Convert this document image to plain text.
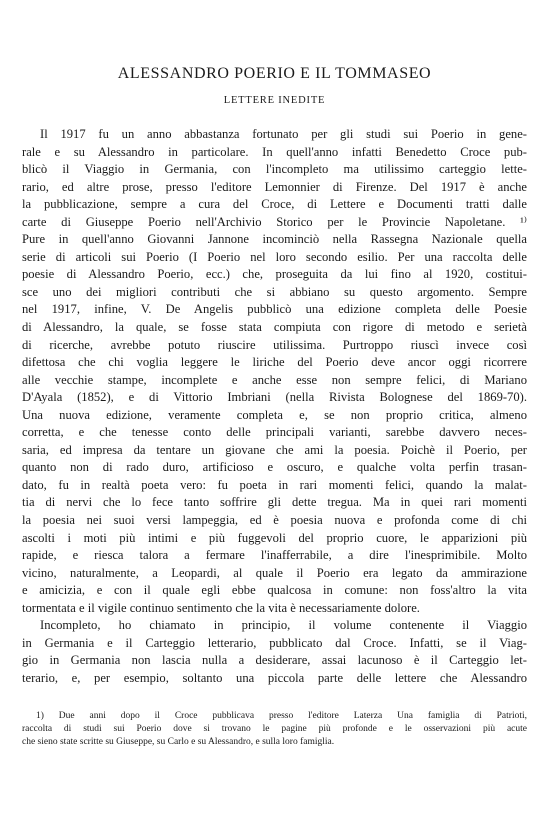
ALESSANDRO POERIO E IL TOMMASEO
LETTERE INEDITE
Il 1917 fu un anno abbastanza fortunato per gli studi sui Poerio in gene-
rale e su Alessandro in particolare. In quell'anno infatti Benedetto Croce pub-
blicò il Viaggio in Germania, con l'incompleto ma utilissimo carteggio lette-
rario, ed altre prose, presso l'editore Lemonnier di Firenze. Del 1917 è anche
la pubblicazione, sempre a cura del Croce, di Lettere e Documenti tratti dalle
carte di Giuseppe Poerio nell'Archivio Storico per le Provincie Napoletane. ¹⁾
Pure in quell'anno Giovanni Jannone incominciò nella Rassegna Nazionale quella
serie di articoli sui Poerio (I Poerio nel loro secondo esilio. Per una raccolta delle
poesie di Alessandro Poerio, ecc.) che, proseguita da lui fino al 1920, costitui-
sce uno dei migliori contributi che si abbiano su questo argomento. Sempre
nel 1917, infine, V. De Angelis pubblicò una edizione completa delle Poesie
di Alessandro, la quale, se fosse stata compiuta con rigore di metodo e serietà
di ricerche, avrebbe potuto riuscire utilissima. Purtroppo riuscì invece così
difettosa che chi voglia leggere le liriche del Poerio deve ancor oggi ricorrere
alle vecchie stampe, incomplete e anche esse non sempre felici, di Mariano
D'Ayala (1852), e di Vittorio Imbriani (nella Rivista Bolognese del 1869-70).
Una nuova edizione, veramente completa e, se non proprio critica, almeno
corretta, e che tenesse conto delle principali varianti, sarebbe davvero neces-
saria, ed impresa da tentare un giovane che ami la poesia. Poichè il Poerio, per
quanto non di rado duro, artificioso e oscuro, e qualche volta perfin trasan-
dato, fu in realtà poeta vero: fu poeta in rari momenti felici, quando la malat-
tia di nervi che lo fece tanto soffrire gli dette tregua. Ma in quei rari momenti
la poesia nei suoi versi lampeggia, ed è poesia nuova e profonda come di chi
ascolti i moti più intimi e più fuggevoli del proprio cuore, le apparizioni più
rapide, e riesca talora a fermare l'inafferrabile, a dire l'inesprimibile. Molto
vicino, naturalmente, a Leopardi, al quale il Poerio era legato da ammirazione
e amicizia, e con il quale egli ebbe qualcosa in comune: non foss'altro la vita
tormentata e il vigile continuo sentimento che la vita è necessariamente dolore.
Incompleto, ho chiamato in principio, il volume contenente il Viaggio
in Germania e il Carteggio letterario, pubblicato dal Croce. Infatti, se il Viag-
gio in Germania non lascia nulla a desiderare, assai lacunoso è il Carteggio let-
terario, e, per esempio, soltanto una piccola parte delle lettere che Alessandro
1) Due anni dopo il Croce pubblicava presso l'editore Laterza Una famiglia di Patrioti,
raccolta di studi sui Poerio dove si trovano le pagine più profonde e le osservazioni più acute
che sieno state scritte su Giuseppe, su Carlo e su Alessandro, e sulla loro famiglia.
